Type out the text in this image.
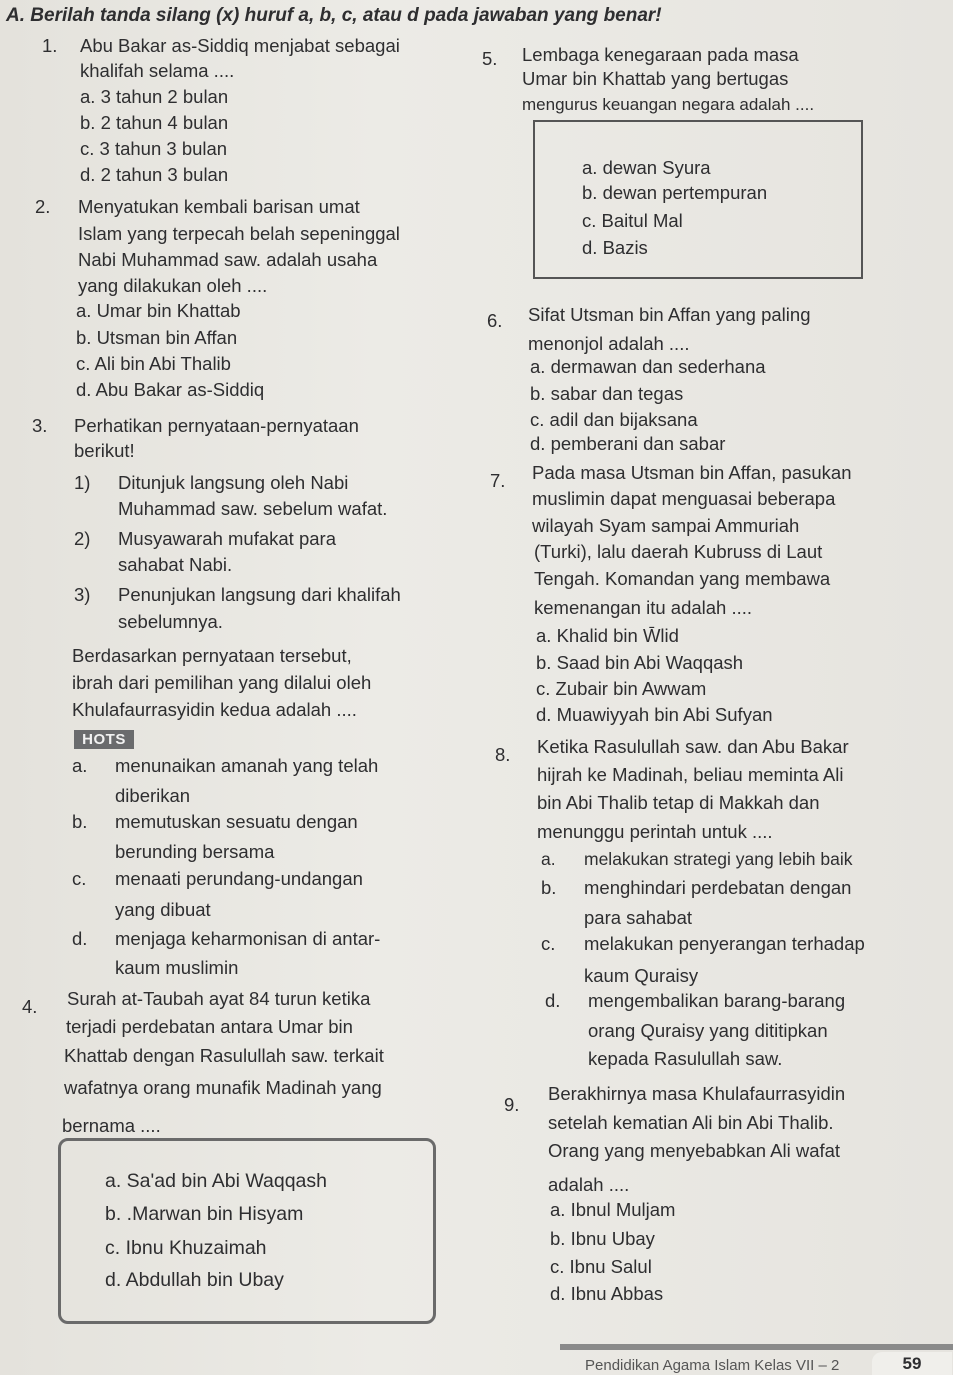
A. Berilah tanda silang (x) huruf a, b, c, atau d pada jawaban yang benar!
1. Abu Bakar as-Siddiq menjabat sebagai
khalifah selama ....
a. 3 tahun 2 bulan
b. 2 tahun 4 bulan
c. 3 tahun 3 bulan
d. 2 tahun 3 bulan
2. Menyatukan kembali barisan umat
Islam yang terpecah belah sepeninggal
Nabi Muhammad saw. adalah usaha
yang dilakukan oleh ....
a. Umar bin Khattab
b. Utsman bin Affan
c. Ali bin Abi Thalib
d. Abu Bakar as-Siddiq
3. Perhatikan pernyataan-pernyataan
berikut!
1) Ditunjuk langsung oleh Nabi
Muhammad saw. sebelum wafat.
2) Musyawarah mufakat para
sahabat Nabi.
3) Penunjukan langsung dari khalifah
sebelumnya.
Berdasarkan pernyataan tersebut,
ibrah dari pemilihan yang dilalui oleh
Khulafaurrasyidin kedua adalah ....
HOTS
a. menunaikan amanah yang telah
diberikan
b. memutuskan sesuatu dengan
berunding bersama
c. menaati perundang-undangan
yang dibuat
d. menjaga keharmonisan di antar-
kaum muslimin
4. Surah at-Taubah ayat 84 turun ketika
terjadi perdebatan antara Umar bin
Khattab dengan Rasulullah saw. terkait
wafatnya orang munafik Madinah yang
bernama ....
a. Sa'ad bin Abi Waqqash
b. .Marwan bin Hisyam
c. Ibnu Khuzaimah
d. Abdullah bin Ubay
5. Lembaga kenegaraan pada masa
Umar bin Khattab yang bertugas
mengurus keuangan negara adalah ....
a. dewan Syura
b. dewan pertempuran
c. Baitul Mal
d. Bazis
6. Sifat Utsman bin Affan yang paling
menonjol adalah ....
a. dermawan dan sederhana
b. sabar dan tegas
c. adil dan bijaksana
d. pemberani dan sabar
7. Pada masa Utsman bin Affan, pasukan
muslimin dapat menguasai beberapa
wilayah Syam sampai Ammuriah
(Turki), lalu daerah Kubruss di Laut
Tengah. Komandan yang membawa
kemenangan itu adalah ....
a. Khalid bin W̄lid
b. Saad bin Abi Waqqash
c. Zubair bin Awwam
d. Muawiyyah bin Abi Sufyan
8. Ketika Rasulullah saw. dan Abu Bakar
hijrah ke Madinah, beliau meminta Ali
bin Abi Thalib tetap di Makkah dan
menunggu perintah untuk ....
a. melakukan strategi yang lebih baik
b. menghindari perdebatan dengan
para sahabat
c. melakukan penyerangan terhadap
kaum Quraisy
d. mengembalikan barang-barang
orang Quraisy yang dititipkan
kepada Rasulullah saw.
9.
Berakhirnya masa Khulafaurrasyidin
setelah kematian Ali bin Abi Thalib.
Orang yang menyebabkan Ali wafat
adalah ....
a. Ibnul Muljam
b. Ibnu Ubay
c. Ibnu Salul
d. Ibnu Abbas
Pendidikan Agama Islam Kelas VII – 2	59
